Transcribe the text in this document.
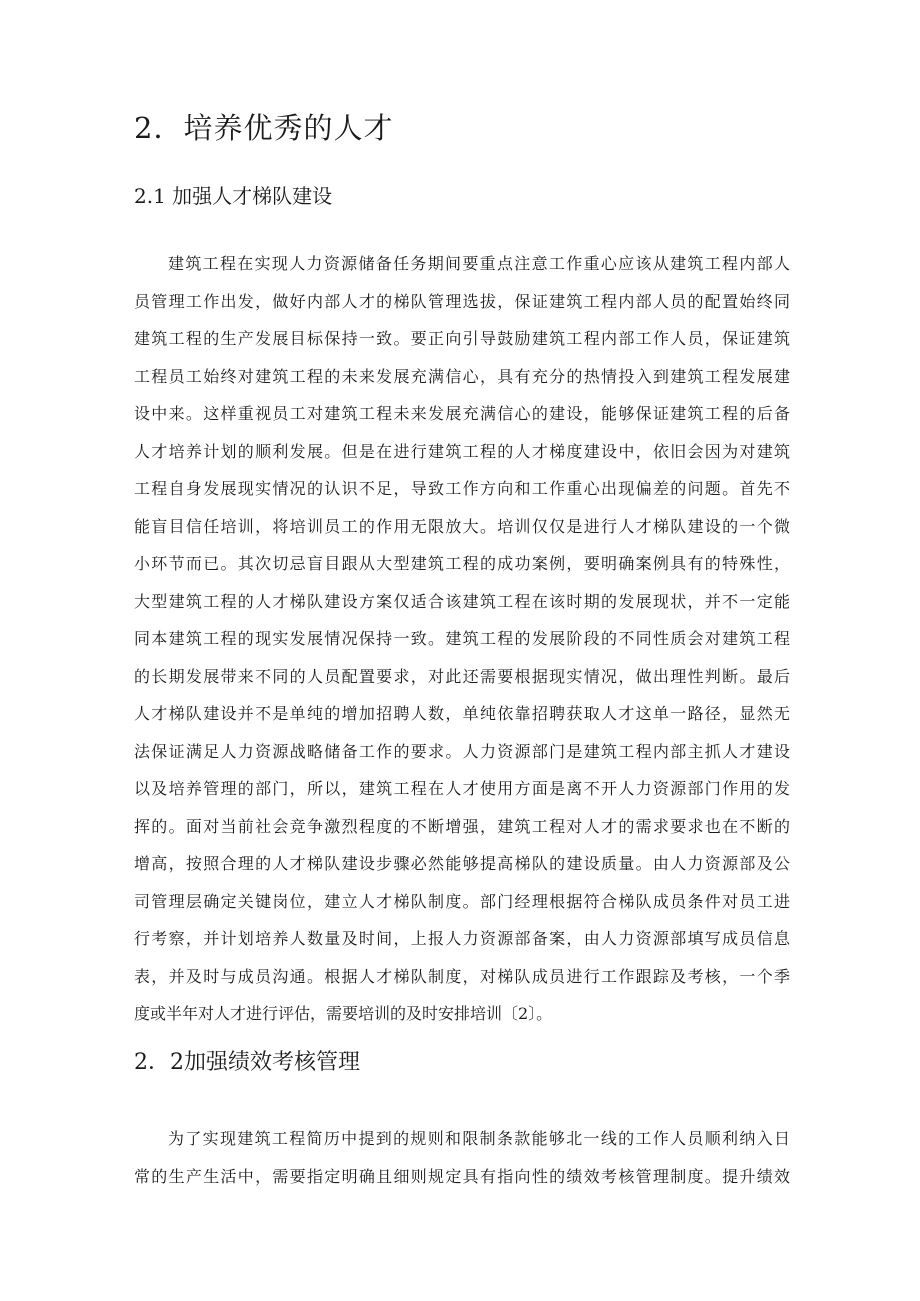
2．培养优秀的人才
2.1 加强人才梯队建设
建筑工程在实现人力资源储备任务期间要重点注意工作重心应该从建筑工程内部人
员管理工作出发，做好内部人才的梯队管理选拔，保证建筑工程内部人员的配置始终同
建筑工程的生产发展目标保持一致。要正向引导鼓励建筑工程内部工作人员，保证建筑
工程员工始终对建筑工程的未来发展充满信心，具有充分的热情投入到建筑工程发展建
设中来。这样重视员工对建筑工程未来发展充满信心的建设，能够保证建筑工程的后备
人才培养计划的顺利发展。但是在进行建筑工程的人才梯度建设中，依旧会因为对建筑
工程自身发展现实情况的认识不足，导致工作方向和工作重心出现偏差的问题。首先不
能盲目信任培训，将培训员工的作用无限放大。培训仅仅是进行人才梯队建设的一个微
小环节而已。其次切忌盲目跟从大型建筑工程的成功案例，要明确案例具有的特殊性，
大型建筑工程的人才梯队建设方案仅适合该建筑工程在该时期的发展现状，并不一定能
同本建筑工程的现实发展情况保持一致。建筑工程的发展阶段的不同性质会对建筑工程
的长期发展带来不同的人员配置要求，对此还需要根据现实情况，做出理性判断。最后
人才梯队建设并不是单纯的增加招聘人数，单纯依靠招聘获取人才这单一路径，显然无
法保证满足人力资源战略储备工作的要求。人力资源部门是建筑工程内部主抓人才建设
以及培养管理的部门，所以，建筑工程在人才使用方面是离不开人力资源部门作用的发
挥的。面对当前社会竞争激烈程度的不断增强，建筑工程对人才的需求要求也在不断的
增高，按照合理的人才梯队建设步骤必然能够提高梯队的建设质量。由人力资源部及公
司管理层确定关键岗位，建立人才梯队制度。部门经理根据符合梯队成员条件对员工进
行考察，并计划培养人数量及时间，上报人力资源部备案，由人力资源部填写成员信息
表，并及时与成员沟通。根据人才梯队制度，对梯队成员进行工作跟踪及考核，一个季
度或半年对人才进行评估，需要培训的及时安排培训〔2〕。
2．2加强绩效考核管理
为了实现建筑工程简历中提到的规则和限制条款能够北一线的工作人员顺利纳入日
常的生产生活中，需要指定明确且细则规定具有指向性的绩效考核管理制度。提升绩效
